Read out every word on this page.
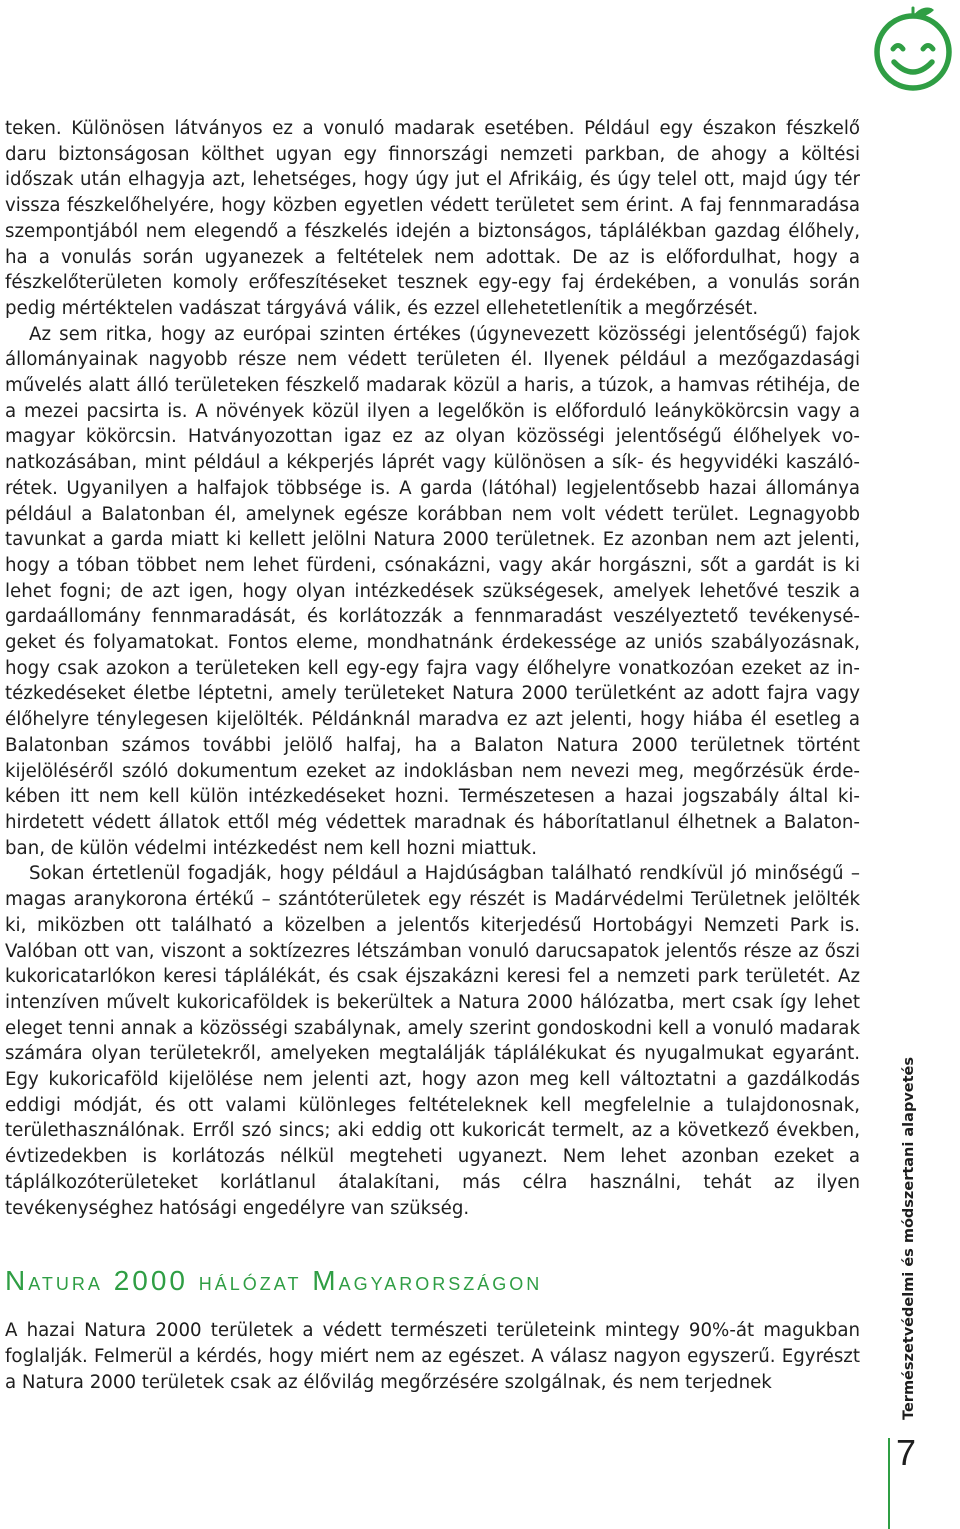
teken. Különösen látványos ez a vonuló madarak esetében. Például egy északon fészkelő daru biztonságosan költhet ugyan egy finnországi nemzeti parkban, de ahogy a költési időszak után elhagyja azt, lehetséges, hogy úgy jut el Afrikáig, és úgy telel ott, majd úgy tér vissza fészkelőhelyére, hogy közben egyetlen védett területet sem érint. A faj fennmaradása szempontjából nem elegendő a fészkelés idején a biztonságos, táplálékban gazdag élőhely, ha a vonulás során ugyanezek a feltételek nem adottak. De az is előfordulhat, hogy a fészkelőterületen komoly erőfeszítéseket tesznek egy-egy faj érdekében, a vonulás során pedig mértéktelen vadászat tárgyává válik, és ezzel ellehetetlenítik a megőrzését.

Az sem ritka, hogy az európai szinten értékes (úgynevezett közösségi jelentőségű) fajok állományainak nagyobb része nem védett területen él. Ilyenek például a mezőgazdasági művelés alatt álló területeken fészkelő madarak közül a haris, a túzok, a hamvas rétihéja, de a mezei pacsirta is. A növények közül ilyen a legelőkön is előforduló leánykökörcsin vagy a magyar kökörcsin. Hatványozottan igaz ez az olyan közösségi jelentőségű élőhelyek vonatkozásában, mint például a kékperjés láprét vagy különösen a sík- és hegyvidéki kaszálórétek. Ugyanilyen a halfajok többsége is. A garda (látóhal) legjelentősebb hazai állománya például a Balatonban él, amelynek egésze korábban nem volt védett terület. Legnagyobb tavunkat a garda miatt ki kellett jelölni Natura 2000 területnek. Ez azonban nem azt jelenti, hogy a tóban többet nem lehet fürdeni, csónakázni, vagy akár horgászni, sőt a gardát is ki lehet fogni; de azt igen, hogy olyan intézkedések szükségesek, amelyek lehetővé teszik a gardaállomány fennmaradását, és korlátozzák a fennmaradást veszélyeztető tevékenységeket és folyamatokat. Fontos eleme, mondhatnánk érdekessége az uniós szabályozásnak, hogy csak azokon a területeken kell egy-egy fajra vagy élőhelyre vonatkozóan ezeket az intézkedéseket életbe léptetni, amely területeket Natura 2000 területként az adott fajra vagy élőhelyre ténylegesen kijelölték. Példánknál maradva ez azt jelenti, hogy hiába él esetleg a Balatonban számos további jelölő halfaj, ha a Balaton Natura 2000 területnek történt kijelöléséről szóló dokumentum ezeket az indoklásban nem nevezi meg, megőrzésük érdekében itt nem kell külön intézkedéseket hozni. Természetesen a hazai jogszabály által kihirdetett védett állatok ettől még védettek maradnak és háborítatlanul élhetnek a Balatonban, de külön védelmi intézkedést nem kell hozni miattuk.

Sokan értetlenül fogadják, hogy például a Hajdúságban található rendkívül jó minőségű – magas aranykorona értékű – szántóterületek egy részét is Madárvédelmi Területnek jelölték ki, miközben ott található a közelben a jelentős kiterjedésű Hortobágyi Nemzeti Park is. Valóban ott van, viszont a soktízezres létszámban vonuló darucsapatok jelentős része az őszi kukoricatarlókon keresi táplálékát, és csak éjszakázni keresi fel a nemzeti park területét. Az intenzíven művelt kukoricaföldek is bekerültek a Natura 2000 hálózatba, mert csak így lehet eleget tenni annak a közösségi szabálynak, amely szerint gondoskodni kell a vonuló madarak számára olyan területekről, amelyeken megtalálják táplálékukat és nyugalmukat egyaránt. Egy kukoricaföld kijelölése nem jelenti azt, hogy azon meg kell változtatni a gazdálkodás eddigi módját, és ott valami különleges feltételeknek kell megfelelnie a tulajdonosnak, területhasználónak. Erről szó sincs; aki eddig ott kukoricát termelt, az a következő években, évtizedekben is korlátozás nélkül megteheti ugyanezt. Nem lehet azonban ezeket a táplálkozóterületeket korlátlanul átalakítani, más célra használni, tehát az ilyen tevékenységhez hatósági engedélyre van szükség.

NATURA 2000 HÁLÓZAT MAGYARORSZÁGON

A hazai Natura 2000 területek a védett természeti területeink mintegy 90%-át magukban foglalják. Felmerül a kérdés, hogy miért nem az egészet. A válasz nagyon egyszerű. Egyrészt a Natura 2000 területek csak az élővilág megőrzésére szolgálnak, és nem terjednek	Természetvédelmi és módszertani alapvetés
7
